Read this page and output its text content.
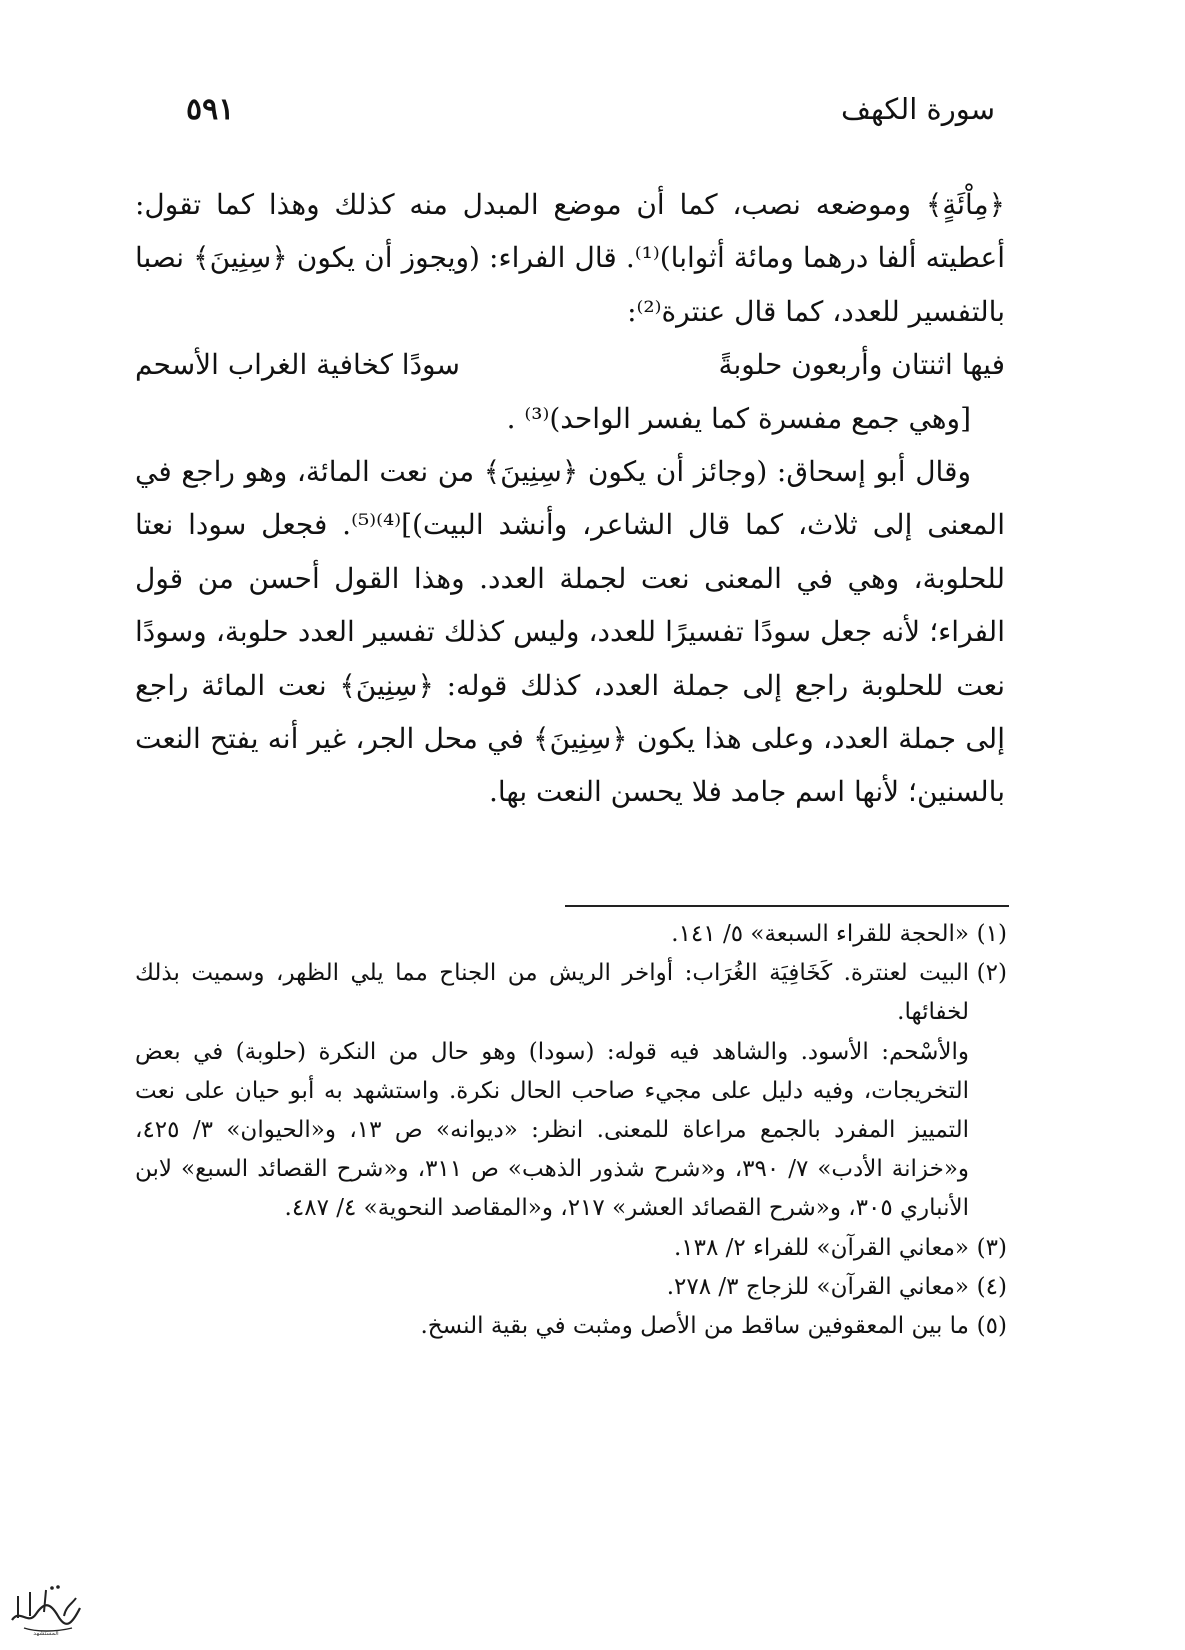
سورة الكهف
٥٩١

﴿مِاْئَةٍ﴾ وموضعه نصب، كما أن موضع المبدل منه كذلك وهذا كما تقول: أعطيته ألفا درهما ومائة أثوابا)⁽¹⁾. قال الفراء: (ويجوز أن يكون ﴿سِنِينَ﴾ نصبا بالتفسير للعدد، كما قال عنترة⁽²⁾:

فيها اثنتان وأربعون حلوبةً
سودًا كخافية الغراب الأسحم

[وهي جمع مفسرة كما يفسر الواحد)⁽³⁾ .

وقال أبو إسحاق: (وجائز أن يكون ﴿سِنِينَ﴾ من نعت المائة، وهو راجع في المعنى إلى ثلاث، كما قال الشاعر، وأنشد البيت)]⁽⁴⁾⁽⁵⁾. فجعل سودا نعتا للحلوبة، وهي في المعنى نعت لجملة العدد. وهذا القول أحسن من قول الفراء؛ لأنه جعل سودًا تفسيرًا للعدد، وليس كذلك تفسير العدد حلوبة، وسودًا نعت للحلوبة راجع إلى جملة العدد، كذلك قوله: ﴿سِنِينَ﴾ نعت المائة راجع إلى جملة العدد، وعلى هذا يكون ﴿سِنِينَ﴾ في محل الجر، غير أنه يفتح النعت بالسنين؛ لأنها اسم جامد فلا يحسن النعت بها.

(١)
«الحجة للقراء السبعة» ٥/ ١٤١.
(٢)
البيت لعنترة. كَخَافِيَة الغُرَاب: أواخر الريش من الجناح مما يلي الظهر، وسميت بذلك لخفائها.
والأسْحم: الأسود. والشاهد فيه قوله: (سودا) وهو حال من النكرة (حلوبة) في بعض التخريجات، وفيه دليل على مجيء صاحب الحال نكرة. واستشهد به أبو حيان على نعت التمييز المفرد بالجمع مراعاة للمعنى. انظر: «ديوانه» ص ١٣، و«الحيوان» ٣/ ٤٢٥، و«خزانة الأدب» ٧/ ٣٩٠، و«شرح شذور الذهب» ص ٣١١، و«شرح القصائد السبع» لابن الأنباري ٣٠٥، و«شرح القصائد العشر» ٢١٧، و«المقاصد النحوية» ٤/ ٤٨٧.
(٣)
«معاني القرآن» للفراء ٢/ ١٣٨.
(٤)
«معاني القرآن» للزجاج ٣/ ٢٧٨.
(٥)
ما بين المعقوفين ساقط من الأصل ومثبت في بقية النسخ.
المستشهد
